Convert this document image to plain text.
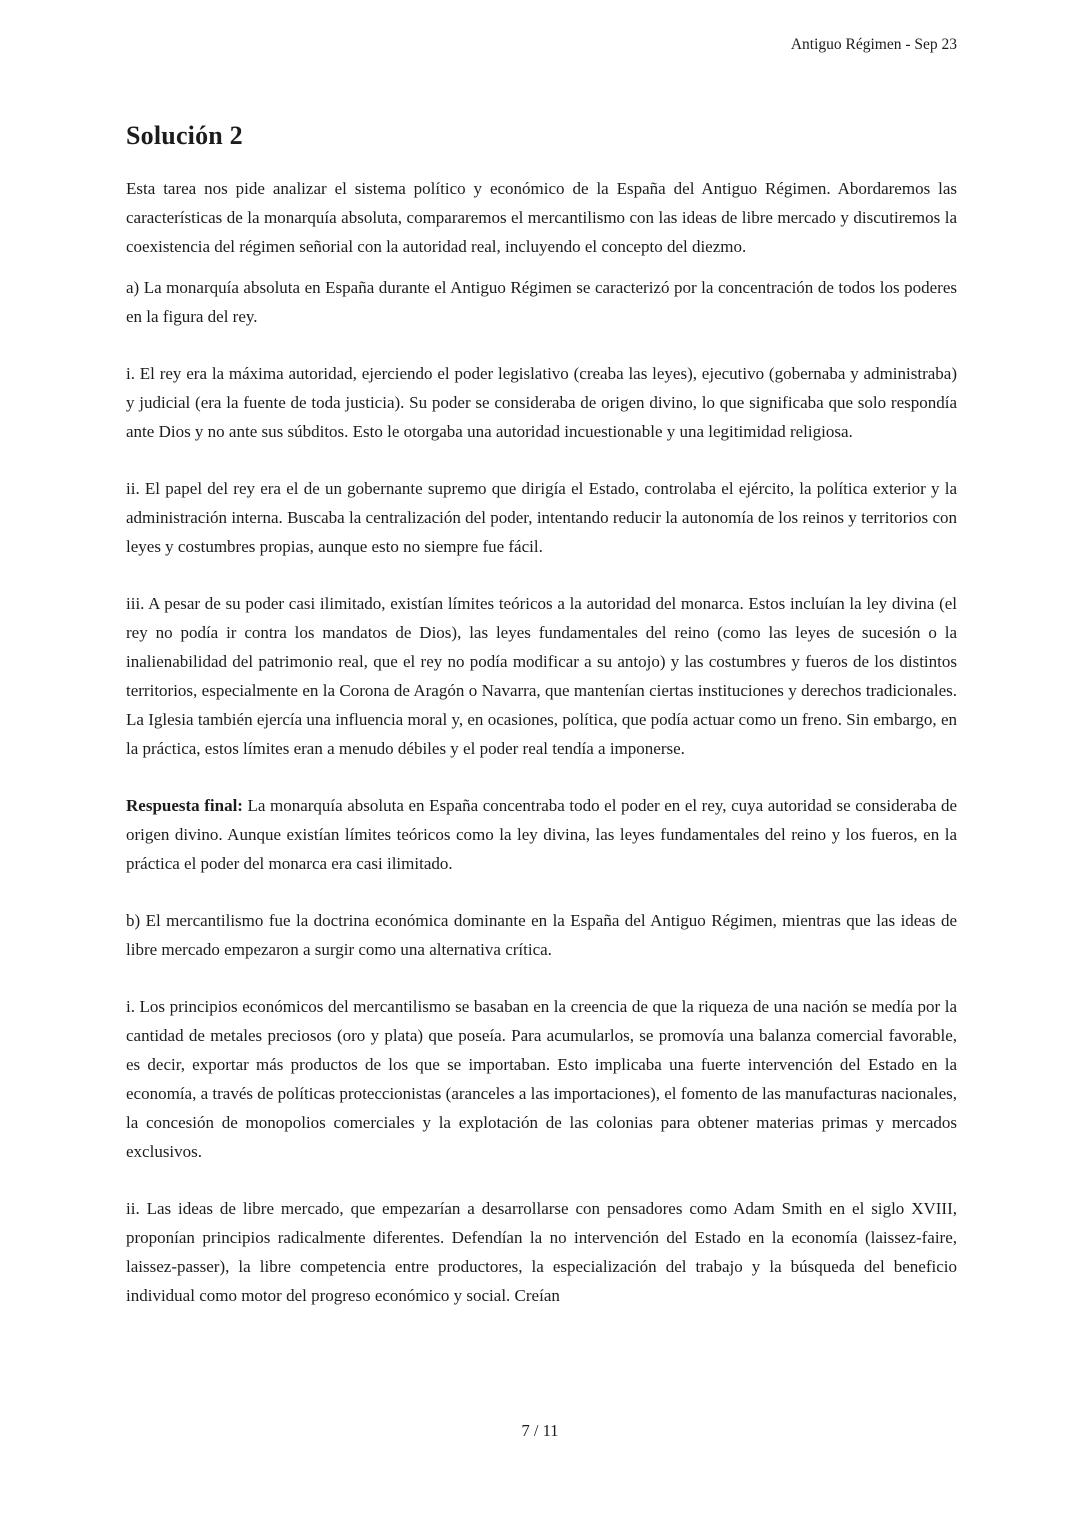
Antiguo Régimen - Sep 23
Solución 2

Esta tarea nos pide analizar el sistema político y económico de la España del Antiguo Régimen. Abordaremos las características de la monarquía absoluta, compararemos el mercantilismo con las ideas de libre mercado y discutiremos la coexistencia del régimen señorial con la autoridad real, incluyendo el concepto del diezmo.

a) La monarquía absoluta en España durante el Antiguo Régimen se caracterizó por la concentración de todos los poderes en la figura del rey.

i. El rey era la máxima autoridad, ejerciendo el poder legislativo (creaba las leyes), ejecutivo (gobernaba y administraba) y judicial (era la fuente de toda justicia). Su poder se consideraba de origen divino, lo que significaba que solo respondía ante Dios y no ante sus súbditos. Esto le otorgaba una autoridad incuestionable y una legitimidad religiosa.

ii. El papel del rey era el de un gobernante supremo que dirigía el Estado, controlaba el ejército, la política exterior y la administración interna. Buscaba la centralización del poder, intentando reducir la autonomía de los reinos y territorios con leyes y costumbres propias, aunque esto no siempre fue fácil.

iii. A pesar de su poder casi ilimitado, existían límites teóricos a la autoridad del monarca. Estos incluían la ley divina (el rey no podía ir contra los mandatos de Dios), las leyes fundamentales del reino (como las leyes de sucesión o la inalienabilidad del patrimonio real, que el rey no podía modificar a su antojo) y las costumbres y fueros de los distintos territorios, especialmente en la Corona de Aragón o Navarra, que mantenían ciertas instituciones y derechos tradicionales. La Iglesia también ejercía una influencia moral y, en ocasiones, política, que podía actuar como un freno. Sin embargo, en la práctica, estos límites eran a menudo débiles y el poder real tendía a imponerse.

Respuesta final: La monarquía absoluta en España concentraba todo el poder en el rey, cuya autoridad se consideraba de origen divino. Aunque existían límites teóricos como la ley divina, las leyes fundamentales del reino y los fueros, en la práctica el poder del monarca era casi ilimitado.

b) El mercantilismo fue la doctrina económica dominante en la España del Antiguo Régimen, mientras que las ideas de libre mercado empezaron a surgir como una alternativa crítica.

i. Los principios económicos del mercantilismo se basaban en la creencia de que la riqueza de una nación se medía por la cantidad de metales preciosos (oro y plata) que poseía. Para acumularlos, se promovía una balanza comercial favorable, es decir, exportar más productos de los que se importaban. Esto implicaba una fuerte intervención del Estado en la economía, a través de políticas proteccionistas (aranceles a las importaciones), el fomento de las manufacturas nacionales, la concesión de monopolios comerciales y la explotación de las colonias para obtener materias primas y mercados exclusivos.

ii. Las ideas de libre mercado, que empezarían a desarrollarse con pensadores como Adam Smith en el siglo XVIII, proponían principios radicalmente diferentes. Defendían la no intervención del Estado en la economía (laissez-faire, laissez-passer), la libre competencia entre productores, la especialización del trabajo y la búsqueda del beneficio individual como motor del progreso económico y social. Creían

7 / 11
